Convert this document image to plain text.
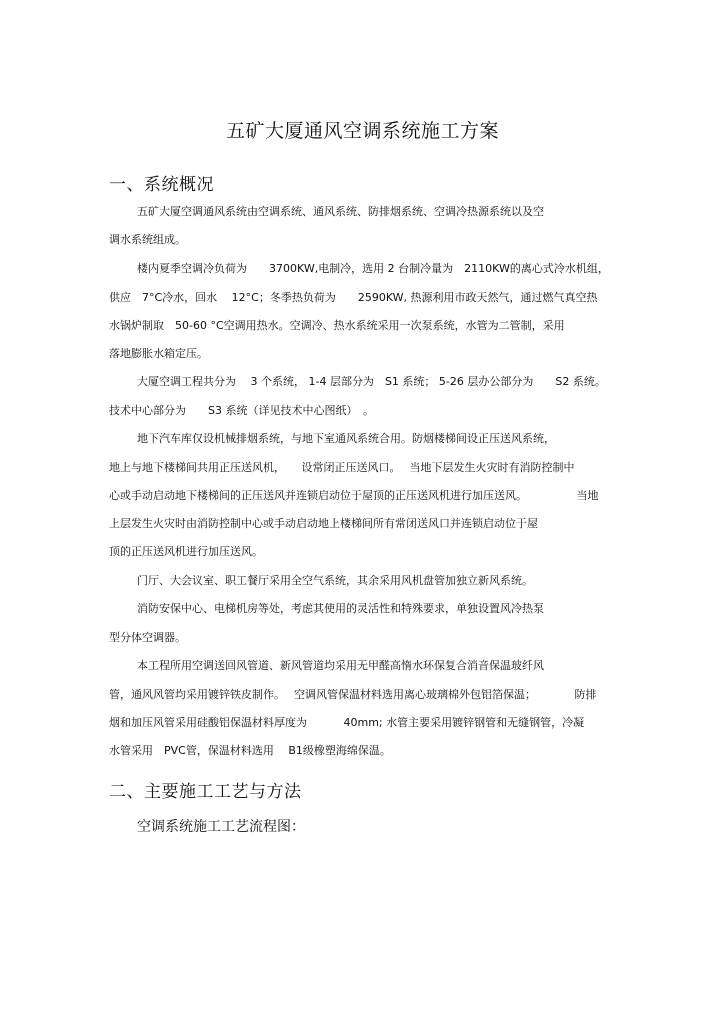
五矿大厦通风空调系统施工方案
一、系统概况
五矿大厦空调通风系统由空调系统、通风系统、防排烟系统、空调冷热源系统以及空
调水系统组成。
楼内夏季空调冷负荷为　　3700KW,电制冷，选用 2 台制冷量为　2110KW的离心式冷水机组，
供应　7°C冷水，回水　 12°C；冬季热负荷为　　2590KW, 热源利用市政天然气，通过燃气真空热
水锅炉制取　50-60 °C空调用热水。空调冷、热水系统采用一次泵系统，水管为二管制，采用
落地膨胀水箱定压。
大厦空调工程共分为　 3 个系统， 1-4 层部分为　S1 系统； 5-26 层办公部分为　　S2 系统。
技术中心部分为　　S3 系统（详见技术中心图纸）　。
地下汽车库仅设机械排烟系统，与地下室通风系统合用。防烟楼梯间设正压送风系统，
地上与地下楼梯间共用正压送风机，　　设常闭正压送风口。　 当地下层发生火灾时有消防控制中
心或手动启动地下楼梯间的正压送风并连锁启动位于屋顶的正压送风机进行加压送风。　　　　　当地
上层发生火灾时由消防控制中心或手动启动地上楼梯间所有常闭送风口并连锁启动位于屋
顶的正压送风机进行加压送风。
门厅、大会议室、职工餐厅采用全空气系统，其余采用风机盘管加独立新风系统。
消防安保中心、电梯机房等处，考虑其使用的灵活性和特殊要求，单独设置风冷热泵
型分体空调器。
本工程所用空调送回风管道、新风管道均采用无甲醛高惰水环保复合消音保温玻纤风
管，通风风管均采用镀锌铁皮制作。　 空调风管保温材料选用离心玻璃棉外包铝箔保温；　　　　防排
烟和加压风管采用硅酸铝保温材料厚度为　　　 40mm; 水管主要采用镀锌钢管和无缝钢管，冷凝
水管采用　PVC管，保温材料选用　 B1级橡塑海绵保温。
二、主要施工工艺与方法
空调系统施工工艺流程图：
